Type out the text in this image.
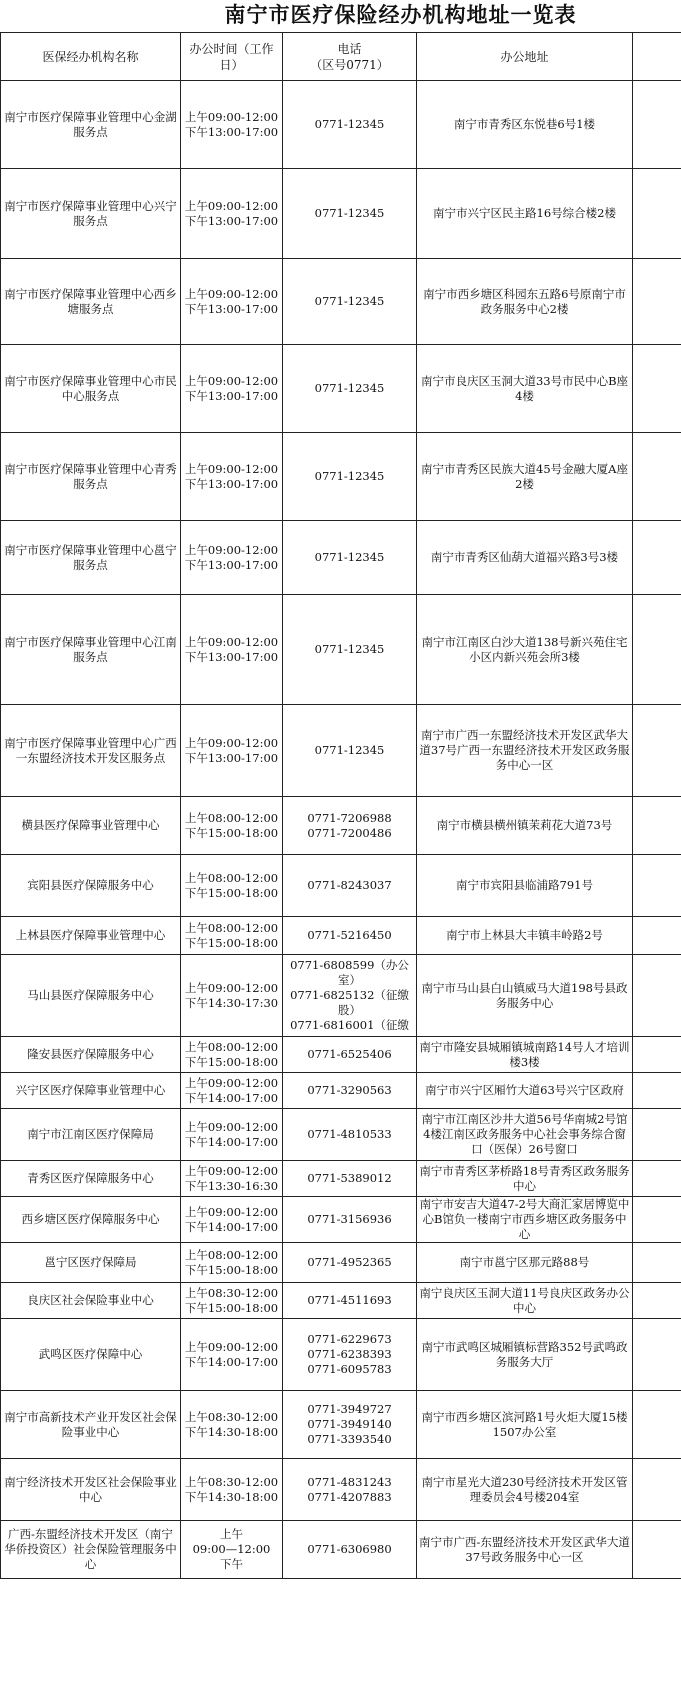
南宁市医疗保险经办机构地址一览表
医保经办机构名称	办公时间（工作日）	电话
（区号0771）	办公地址	
南宁市医疗保障事业管理中心金湖服务点	上午09:00-12:00
下午13:00-17:00	0771-12345	南宁市青秀区东悦巷6号1楼	
南宁市医疗保障事业管理中心兴宁服务点	上午09:00-12:00
下午13:00-17:00	0771-12345	南宁市兴宁区民主路16号综合楼2楼	
南宁市医疗保障事业管理中心西乡塘服务点	上午09:00-12:00
下午13:00-17:00	0771-12345	南宁市西乡塘区科园东五路6号原南宁市政务服务中心2楼	
南宁市医疗保障事业管理中心市民中心服务点	上午09:00-12:00
下午13:00-17:00	0771-12345	南宁市良庆区玉洞大道33号市民中心B座4楼	
南宁市医疗保障事业管理中心青秀服务点	上午09:00-12:00
下午13:00-17:00	0771-12345	南宁市青秀区民族大道45号金融大厦A座2楼	
南宁市医疗保障事业管理中心邕宁服务点	上午09:00-12:00
下午13:00-17:00	0771-12345	南宁市青秀区仙葫大道福兴路3号3楼	
南宁市医疗保障事业管理中心江南服务点	上午09:00-12:00
下午13:00-17:00	0771-12345	南宁市江南区白沙大道138号新兴苑住宅小区内新兴苑会所3楼	
南宁市医疗保障事业管理中心广西一东盟经济技术开发区服务点	上午09:00-12:00
下午13:00-17:00	0771-12345	南宁市广西一东盟经济技术开发区武华大道37号广西一东盟经济技术开发区政务服务中心一区	
横县医疗保障事业管理中心	上午08:00-12:00
下午15:00-18:00	0771-7206988
0771-7200486	南宁市横县横州镇茉莉花大道73号	
宾阳县医疗保障服务中心	上午08:00-12:00
下午15:00-18:00	0771-8243037	南宁市宾阳县临浦路791号	
上林县医疗保障事业管理中心	上午08:00-12:00
下午15:00-18:00	0771-5216450	南宁市上林县大丰镇丰岭路2号	
马山县医疗保障服务中心	上午09:00-12:00
下午14:30-17:30	0771-6808599（办公室）
0771-6825132（征缴股）
0771-6816001（征缴	南宁市马山县白山镇威马大道198号县政务服务中心	
隆安县医疗保障服务中心	上午08:00-12:00
下午15:00-18:00	0771-6525406	南宁市隆安县城厢镇城南路14号人才培训楼3楼	
兴宁区医疗保障事业管理中心	上午09:00-12:00
下午14:00-17:00	0771-3290563	南宁市兴宁区厢竹大道63号兴宁区政府	
南宁市江南区医疗保障局	上午09:00-12:00
下午14:00-17:00	0771-4810533	南宁市江南区沙井大道56号华南城2号馆4楼江南区政务服务中心社会事务综合窗口（医保）26号窗口	
青秀区医疗保障服务中心	上午09:00-12:00
下午13:30-16:30	0771-5389012	南宁市青秀区茅桥路18号青秀区政务服务中心	
西乡塘区医疗保障服务中心	上午09:00-12:00
下午14:00-17:00	0771-3156936	南宁市安吉大道47-2号大商汇家居博览中心B馆负一楼南宁市西乡塘区政务服务中心	
邕宁区医疗保障局	上午08:00-12:00
下午15:00-18:00	0771-4952365	南宁市邕宁区那元路88号	
良庆区社会保险事业中心	上午08:30-12:00
下午15:00-18:00	0771-4511693	南宁良庆区玉洞大道11号良庆区政务办公中心	
武鸣区医疗保障中心	上午09:00-12:00
下午14:00-17:00	0771-6229673
0771-6238393
0771-6095783	南宁市武鸣区城厢镇标营路352号武鸣政务服务大厅	
南宁市高新技术产业开发区社会保险事业中心	上午08:30-12:00
下午14:30-18:00	0771-3949727
0771-3949140
0771-3393540	南宁市西乡塘区滨河路1号火炬大厦15楼1507办公室	
南宁经济技术开发区社会保险事业中心	上午08:30-12:00
下午14:30-18:00	0771-4831243
0771-4207883	南宁市星光大道230号经济技术开发区管理委员会4号楼204室	
广西-东盟经济技术开发区（南宁华侨投资区）社会保险管理服务中心	上午
09:00—12:00
下午	0771-6306980	南宁市广西-东盟经济技术开发区武华大道37号政务服务中心一区	
